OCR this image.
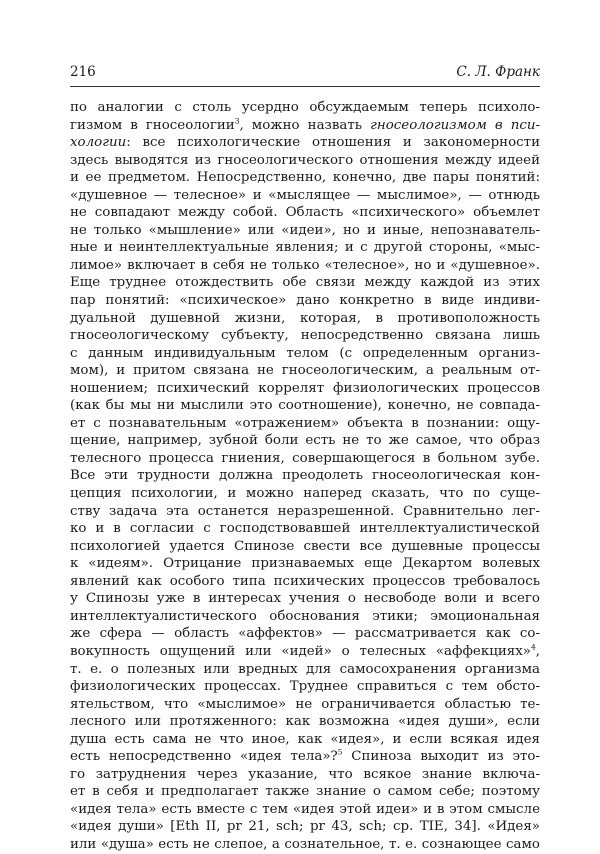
216	С. Л. Франк
по аналогии с столь усердно обсуждаемым теперь психоло-
гизмом в гносеологии$^3$, можно назвать гносеологизмом в пси-
хологии: все психологические отношения и закономерности
здесь выводятся из гносеологического отношения между идеей
и ее предметом. Непосредственно, конечно, две пары понятий:
«душевное — телесное» и «мыслящее — мыслимое», — отнюдь
не совпадают между собой. Область «психического» объемлет
не только «мышление» или «идеи», но и иные, непознаватель-
ные и неинтеллектуальные явления; и с другой стороны, «мыс-
лимое» включает в себя не только «телесное», но и «душевное».
Еще труднее отождествить обе связи между каждой из этих
пар понятий: «психическое» дано конкретно в виде индиви-
дуальной душевной жизни, которая, в противоположность
гносеологическому субъекту, непосредственно связана лишь
с данным индивидуальным телом (с определенным организ-
мом), и притом связана не гносеологическим, а реальным от-
ношением; психический коррелят физиологических процессов
(как бы мы ни мыслили это соотношение), конечно, не совпада-
ет с познавательным «отражением» объекта в познании: ощу-
щение, например, зубной боли есть не то же самое, что образ
телесного процесса гниения, совершающегося в больном зубе.
Все эти трудности должна преодолеть гносеологическая кон-
цепция психологии, и можно наперед сказать, что по суще-
ству задача эта останется неразрешенной. Сравнительно лег-
ко и в согласии с господствовавшей интеллектуалистической
психологией удается Спинозе свести все душевные процессы
к «идеям». Отрицание признаваемых еще Декартом волевых
явлений как особого типа психических процессов требовалось
у Спинозы уже в интересах учения о несвободе воли и всего
интеллектуалистического обоснования этики; эмоциональная
же сфера — область «аффектов» — рассматривается как со-
вокупность ощущений или «идей» о телесных «аффекциях»$^4$,
т. е. о полезных или вредных для самосохранения организма
физиологических процессах. Труднее справиться с тем обсто-
ятельством, что «мыслимое» не ограничивается областью те-
лесного или протяженного: как возможна «идея души», если
душа есть сама не что иное, как «идея», и если всякая идея
есть непосредственно «идея тела»?$^5$ Спиноза выходит из это-
го затруднения через указание, что всякое знание включа-
ет в себя и предполагает также знание о самом себе; поэтому
«идея тела» есть вместе с тем «идея этой идеи» и в этом смысле
«идея души» [Eth II, pr 21, sch; pr 43, sch; cp. TIE, 34]. «Идея»
или «душа» есть не слепое, а сознательное, т. е. сознающее само
